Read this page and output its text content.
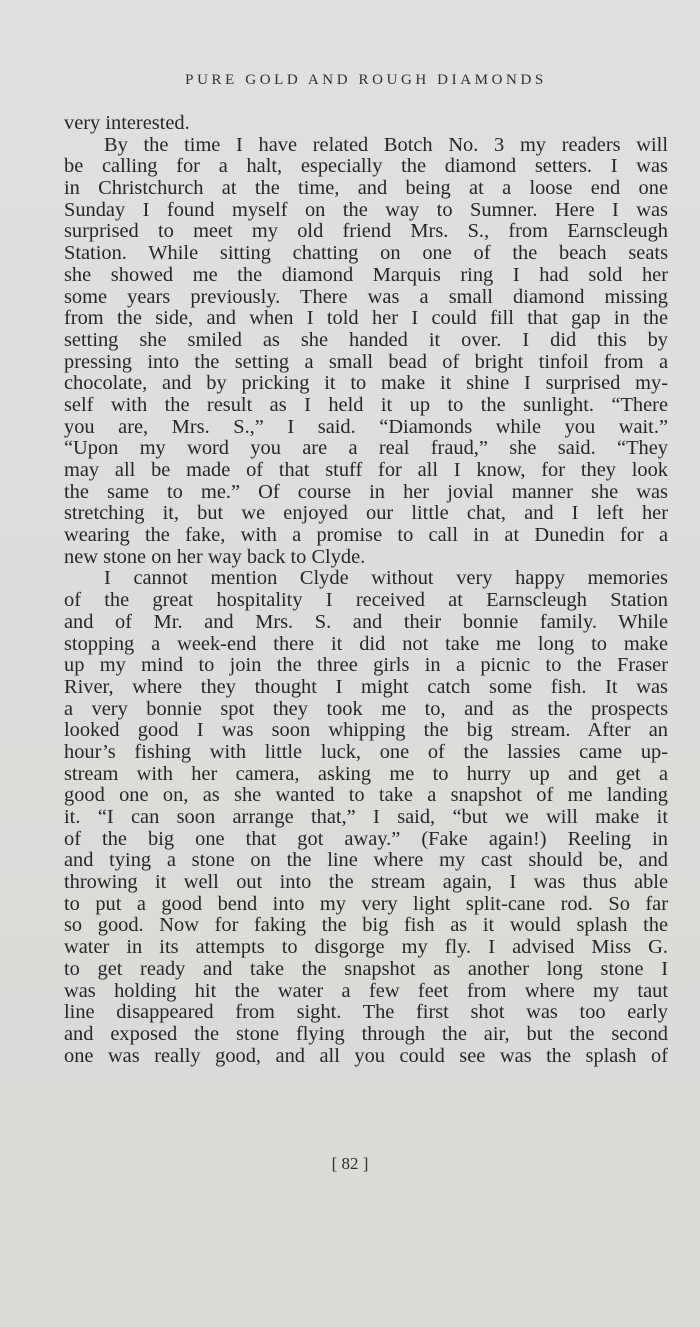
PURE GOLD AND ROUGH DIAMONDS
very interested.
By the time I have related Botch No. 3 my readers will
be calling for a halt, especially the diamond setters. I was
in Christchurch at the time, and being at a loose end one
Sunday I found myself on the way to Sumner. Here I was
surprised to meet my old friend Mrs. S., from Earnscleugh
Station. While sitting chatting on one of the beach seats
she showed me the diamond Marquis ring I had sold her
some years previously. There was a small diamond missing
from the side, and when I told her I could fill that gap in the
setting she smiled as she handed it over. I did this by
pressing into the setting a small bead of bright tinfoil from a
chocolate, and by pricking it to make it shine I surprised my-
self with the result as I held it up to the sunlight. “There
you are, Mrs. S.,” I said. “Diamonds while you wait.”
“Upon my word you are a real fraud,” she said. “They
may all be made of that stuff for all I know, for they look
the same to me.” Of course in her jovial manner she was
stretching it, but we enjoyed our little chat, and I left her
wearing the fake, with a promise to call in at Dunedin for a
new stone on her way back to Clyde.
I cannot mention Clyde without very happy memories
of the great hospitality I received at Earnscleugh Station
and of Mr. and Mrs. S. and their bonnie family. While
stopping a week-end there it did not take me long to make
up my mind to join the three girls in a picnic to the Fraser
River, where they thought I might catch some fish. It was
a very bonnie spot they took me to, and as the prospects
looked good I was soon whipping the big stream. After an
hour’s fishing with little luck, one of the lassies came up-
stream with her camera, asking me to hurry up and get a
good one on, as she wanted to take a snapshot of me landing
it. “I can soon arrange that,” I said, “but we will make it
of the big one that got away.” (Fake again!) Reeling in
and tying a stone on the line where my cast should be, and
throwing it well out into the stream again, I was thus able
to put a good bend into my very light split-cane rod. So far
so good. Now for faking the big fish as it would splash the
water in its attempts to disgorge my fly. I advised Miss G.
to get ready and take the snapshot as another long stone I
was holding hit the water a few feet from where my taut
line disappeared from sight. The first shot was too early
and exposed the stone flying through the air, but the second
one was really good, and all you could see was the splash of
[ 82 ]
